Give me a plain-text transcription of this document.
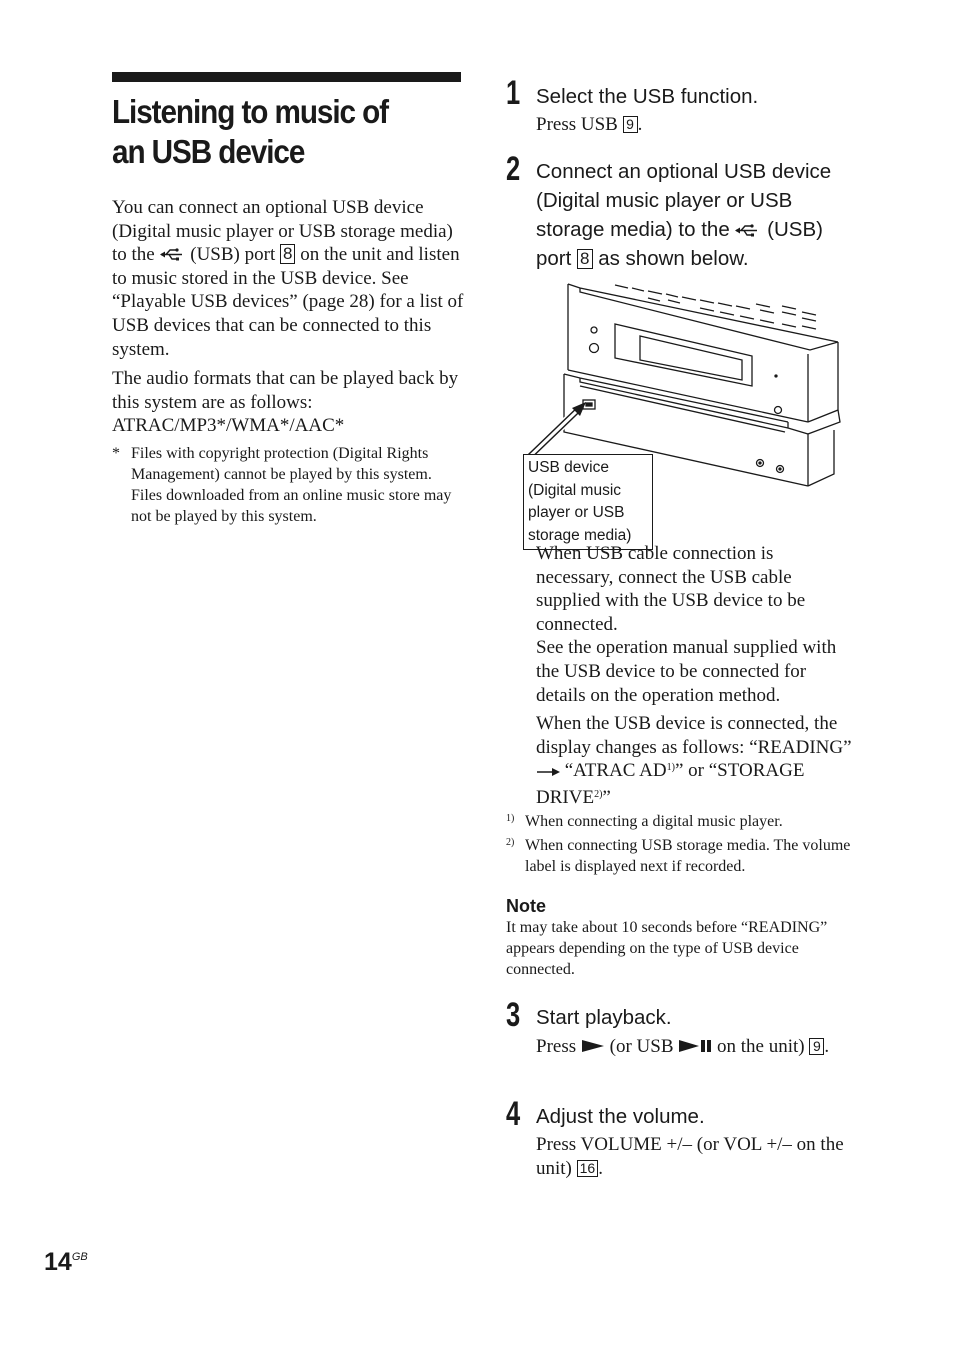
Listening to music of
an USB device

You can connect an optional USB device (Digital music player or USB storage media) to the (USB) port 8 on the unit and listen to music stored in the USB device. See “Playable USB devices” (page 28) for a list of USB devices that can be connected to this system.

The audio formats that can be played back by this system are as follows: ATRAC/MP3*/WMA*/AAC*

* Files with copyright protection (Digital Rights Management) cannot be played by this system.

Files downloaded from an online music store may not be played by this system.

1 Select the USB function.
Press USB 9 .
2 Connect an optional USB device (Digital music player or USB storage media) to the (USB) port 8 as shown below.
USB device (Digital music player or USB storage media)

When USB cable connection is necessary, connect the USB cable supplied with the USB device to be connected.

See the operation manual supplied with the USB device to be connected for details on the operation method.

When the USB device is connected, the display changes as follows: “READING”  “ATRAC AD$^{1)}$” or “STORAGE DRIVE$^{2)}$”

1) When connecting a digital music player.

2) When connecting USB storage media. The volume label is displayed next if recorded.

Note

It may take about 10 seconds before “READING” appears depending on the type of USB device connected.

3 Start playback.
Press (or USB on the unit) 9 .
4 Adjust the volume.
Press VOLUME +/– (or VOL +/– on the unit) 16 .
$14^{GB}$
